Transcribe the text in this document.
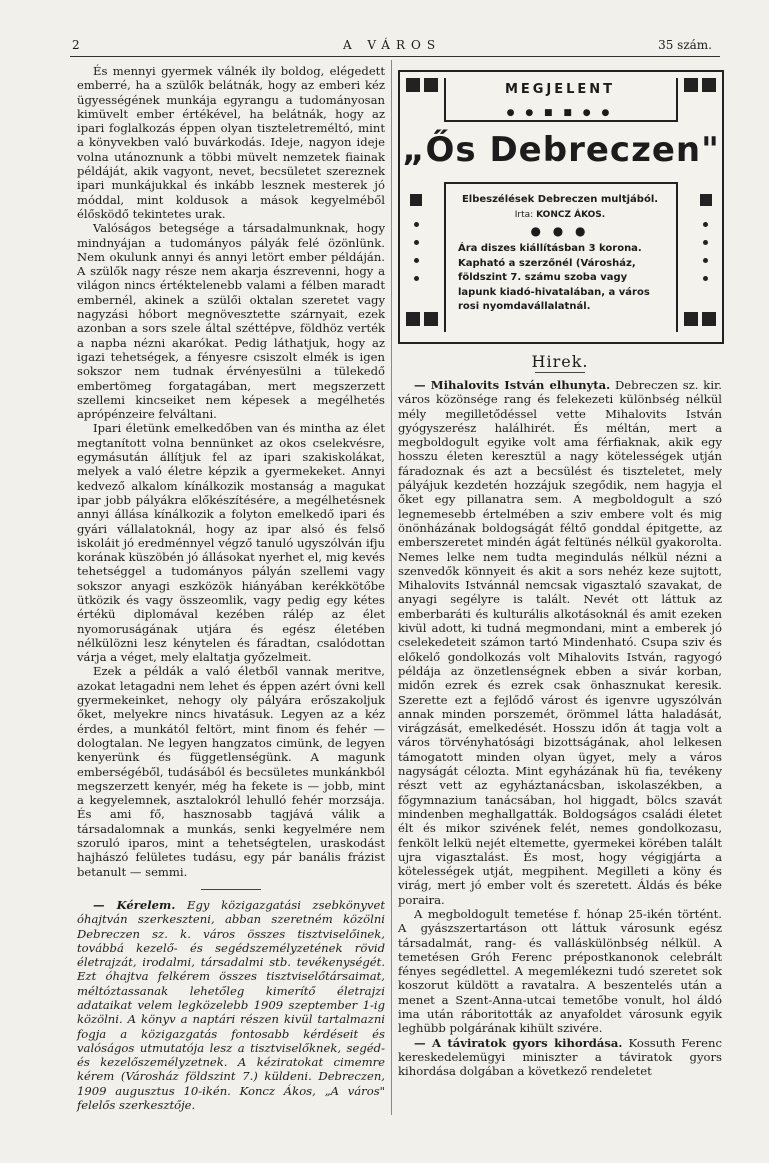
2	A VÁROS	35 szám.

És mennyi gyermek válnék ily boldog, elégedett emberré, ha a szülők belátnák, hogy az emberi kéz ügyességének munkája egyrangu a tudományosan kimüvelt ember értékével, ha belátnák, hogy az ipari foglalkozás éppen olyan tiszteletreméltó, mint a könyvekben való buvárkodás. Ideje, nagyon ideje volna utánoznunk a többi müvelt nemzetek fiainak példáját, akik vagyont, nevet, becsületet szereznek ipari munkájukkal és inkább lesznek mesterek jó móddal, mint koldusok a mások kegyelméből élősködő tekintetes urak.

Valóságos betegsége a társadalmunknak, hogy mindnyájan a tudományos pályák felé özönlünk. Nem okulunk annyi és annyi letört ember példáján. A szülők nagy része nem akarja észrevenni, hogy a világon nincs értéktelenebb valami a félben maradt embernél, akinek a szülői oktalan szeretet vagy nagyzási hóbort megnövesztette szárnyait, ezek azonban a sors szele által széttépve, földhöz verték a napba nézni akarókat. Pedig láthatjuk, hogy az igazi tehetségek, a fényesre csiszolt elmék is igen sokszor nem tudnak érvényesülni a tülekedő embertömeg forgatagában, mert megszerzett szellemi kincseiket nem képesek a megélhetés aprópénzeire felváltani.

Ipari életünk emelkedőben van és mintha az élet megtanított volna bennünket az okos cselekvésre, egymásután állítjuk fel az ipari szakiskolákat, melyek a való életre képzik a gyermekeket. Annyi kedvező alkalom kínálkozik mostanság a magukat ipar jobb pályákra előkészítésére, a megélhetésnek annyi állása kínálkozik a folyton emelkedő ipari és gyári vállalatoknál, hogy az ipar alsó és felső iskoláit jó eredménnyel végző tanuló ugyszólván ifju korának küszöbén jó állásokat nyerhet el, mig kevés tehetséggel a tudományos pályán szellemi vagy sokszor anyagi eszközök hiányában kerékkötőbe ütközik és vagy összeomlik, vagy pedig egy kétes értékü diplomával kezében rálép az élet nyomoruságának utjára és egész életében nélkülözni lesz kénytelen és fáradtan, csalódottan várja a véget, mely elaltatja győzelmeit.

Ezek a példák a való életből vannak meritve, azokat letagadni nem lehet és éppen azért óvni kell gyermekeinket, nehogy oly pályára erőszakoljuk őket, melyekre nincs hivatásuk. Legyen az a kéz érdes, a munkától feltört, mint finom és fehér — dologtalan. Ne legyen hangzatos cimünk, de legyen kenyerünk és függetlenségünk. A magunk emberségéből, tudásából és becsületes munkánkból megszerzett kenyér, még ha fekete is — jobb, mint a kegyelemnek, asztalokról lehulló fehér morzsája. És ami fő, hasznosabb tagjává válik a társadalomnak a munkás, senki kegyelmére nem szoruló iparos, mint a tehetségtelen, uraskodást hajhászó felületes tudásu, egy pár banális frázist betanult — semmi.

— Kérelem. Egy közigazgatási zsebkönyvet óhajtván szerkeszteni, abban szeretném közölni Debreczen sz. k. város összes tisztviselőinek, továbbá kezelő- és segédszemélyzetének rövid életrajzát, irodalmi, társadalmi stb. tevékenységét. Ezt óhajtva felkérem összes tisztviselőtársaimat, méltóztassanak lehetőleg kimerítő életrajzi adataikat velem legközelebb 1909 szeptember 1-ig közölni. A könyv a naptári részen kivül tartalmazni fogja a közigazgatás fontosabb kérdéseit és valóságos utmutatója lesz a tisztviselőknek, segéd- és kezelőszemélyzetnek. A kéziratokat cimemre kérem (Városház földszint 7.) küldeni. Debreczen, 1909 augusztus 10-ikén. Koncz Ákos, „A város" felelős szerkesztője.

MEGJELENT
● ● ■ ■ ● ●
„Ős Debreczen"
Elbeszélések Debreczen multjából.
Irta: KONCZ ÁKOS.
● ● ●
Ára diszes kiállításban 3 korona. Kapható a szerzőnél (Városház, földszint 7. számu szoba vagy lapunk kiadó-hivatalában, a város rosi nyomdavállalatnál.
Hirek.

— Mihalovits István elhunyta. Debreczen sz. kir. város közönsége rang és felekezeti különbség nélkül mély megilletődéssel vette Mihalovits István gyógyszerész halálhirét. És méltán, mert a megboldogult egyike volt ama férfiaknak, akik egy hosszu életen keresztül a nagy kötelességek utján fáradoznak és azt a becsülést és tiszteletet, mely pályájuk kezdetén hozzájuk szegődik, nem hagyja el őket egy pillanatra sem. A megboldogult a szó legnemesebb értelmében a sziv embere volt és mig önönházának boldogságát féltő gonddal épitgette, az emberszeretet mindén ágát feltünés nélkül gyakorolta. Nemes lelke nem tudta megindulás nélkül nézni a szenvedők könnyeit és akit a sors nehéz keze sujtott, Mihalovits Istvánnál nemcsak vigasztaló szavakat, de anyagi segélyre is talált. Nevét ott láttuk az emberbaráti és kulturális alkotásoknál és amit ezeken kivül adott, ki tudná megmondani, mint a emberek jó cselekedeteit számon tartó Mindenható. Csupa sziv és előkelő gondolkozás volt Mihalovits István, ragyogó példája az önzetlenségnek ebben a sivár korban, midőn ezrek és ezrek csak önhasznukat keresik. Szerette ezt a fejlődő várost és igenvre ugyszólván annak minden porszemét, örömmel látta haladását, virágzását, emelkedését. Hosszu időn át tagja volt a város törvényhatósági bizottságának, ahol lelkesen támogatott minden olyan ügyet, mely a város nagyságát célozta. Mint egyházának hü fia, tevékeny részt vett az egyháztanácsban, iskolaszékben, a főgymnazium tanácsában, hol higgadt, bölcs szavát mindenben meghallgatták. Boldogságos családi életet élt és mikor szivének felét, nemes gondolkozasu, fenkölt lelkü nejét eltemette, gyermekei körében talált ujra vigasztalást. És most, hogy végigjárta a kötelességek utját, megpihent. Megilleti a köny és virág, mert jó ember volt és szeretett. Áldás és béke poraira.

A megboldogult temetése f. hónap 25-ikén történt. A gyászszertartáson ott láttuk városunk egész társadalmát, rang- és valláskülönbség nélkül. A temetésen Gróh Ferenc prépostkanonok celebrált fényes segédlettel. A megemlékezni tudó szeretet sok koszorut küldött a ravatalra. A beszentelés után a menet a Szent-Anna-utcai temetőbe vonult, hol áldó ima után ráboritották az anyafoldet városunk egyik leghübb polgárának kihült szivére.

— A táviratok gyors kihordása. Kossuth Ferenc kereskedelemügyi miniszter a táviratok gyors kihordása dolgában a következő rendeletet
